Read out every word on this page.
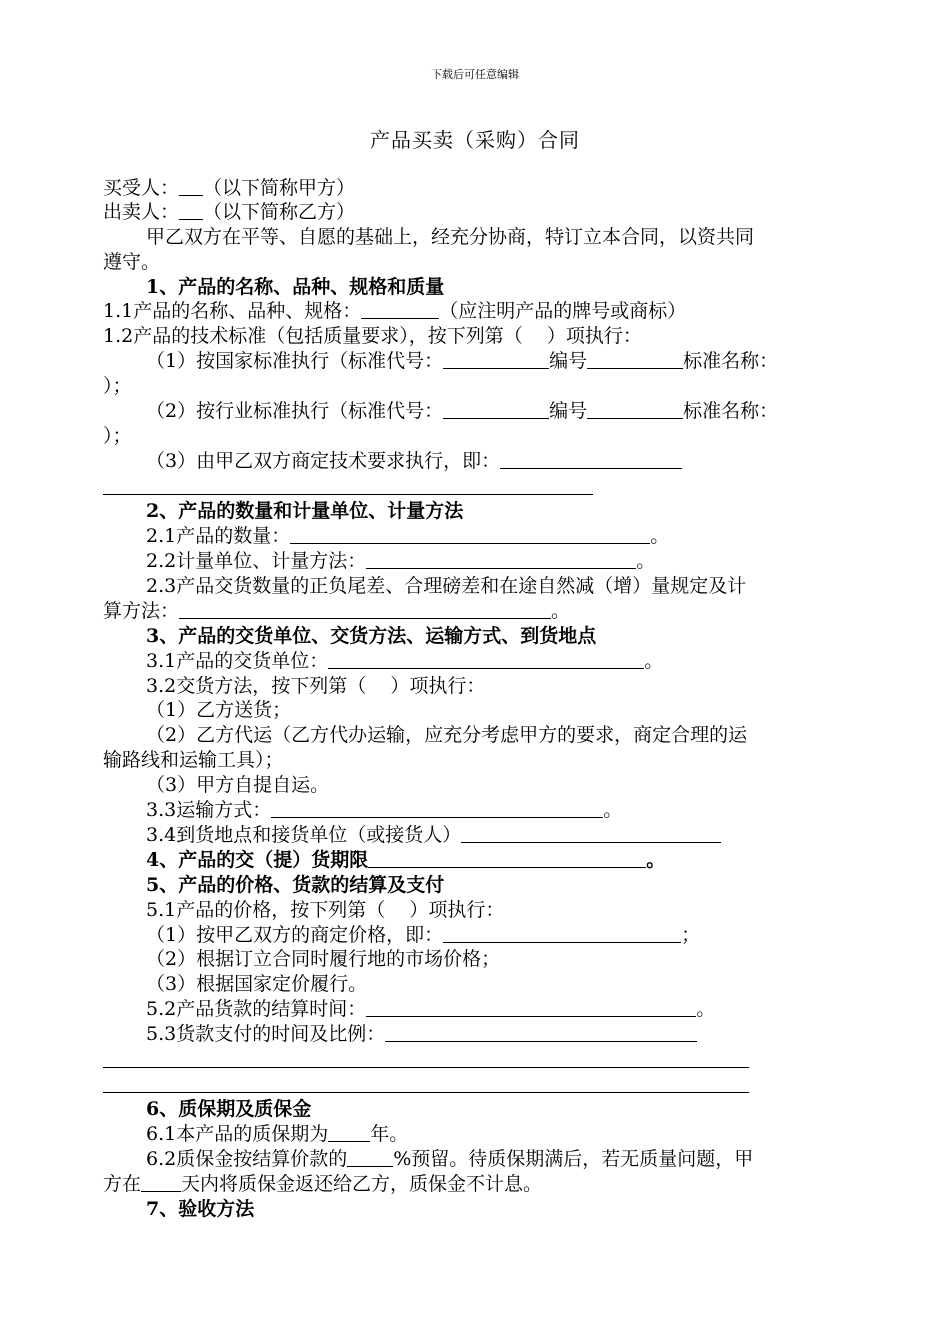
下载后可任意编辑
产品买卖（采购）合同
买受人： （以下简称甲方）
出卖人： （以下简称乙方）
甲乙双方在平等、自愿的基础上，经充分协商，特订立本合同，以资共同
遵守。
1、产品的名称、品种、规格和质量
1.1产品的名称、品种、规格：	（应注明产品的牌号或商标）
1.2产品的技术标准（包括质量要求），按下列第（    ）项执行：
（1）按国家标准执行（标准代号：	编号	标准名称：
）；
（2）按行业标准执行（标准代号：	编号	标准名称：
）；
（3）由甲乙双方商定技术要求执行，即：
2、产品的数量和计量单位、计量方法
2.1产品的数量：	。
2.2计量单位、计量方法：	。
2.3产品交货数量的正负尾差、合理磅差和在途自然减（增）量规定及计
算方法：	。
3、产品的交货单位、交货方法、运输方式、到货地点
3.1产品的交货单位：	。
3.2交货方法，按下列第（    ）项执行：
（1）乙方送货；
（2）乙方代运（乙方代办运输，应充分考虑甲方的要求，商定合理的运
输路线和运输工具）；
（3）甲方自提自运。
3.3运输方式：	。
3.4到货地点和接货单位（或接货人）
4、产品的交（提）货期限	。
5、产品的价格、货款的结算及支付
5.1产品的价格，按下列第（    ）项执行：
（1）按甲乙双方的商定价格，即：	；
（2）根据订立合同时履行地的市场价格；
（3）根据国家定价履行。
5.2产品货款的结算时间：	。
5.3货款支付的时间及比例：
6、质保期及质保金
6.1本产品的质保期为 年。
6.2质保金按结算价款的 %预留。待质保期满后，若无质量问题，甲
方在 天内将质保金返还给乙方，质保金不计息。
7、验收方法
